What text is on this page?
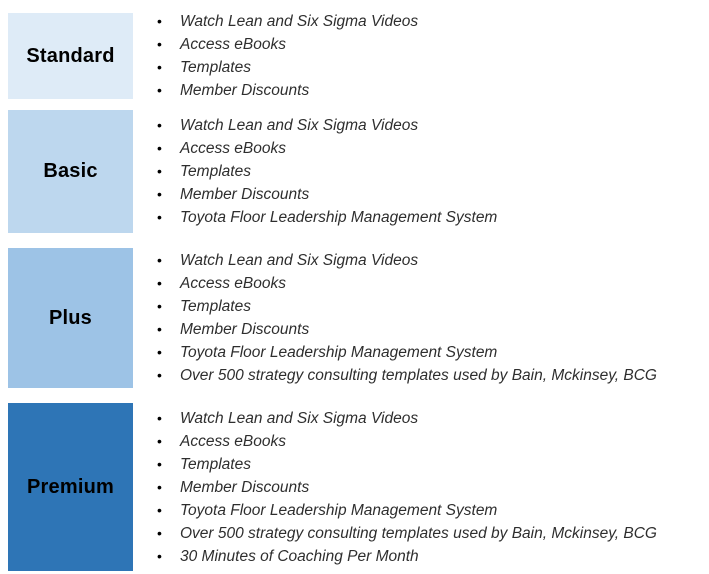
Standard
• Watch Lean and Six Sigma Videos
• Access eBooks
• Templates
• Member Discounts
Basic
• Watch Lean and Six Sigma Videos
• Access eBooks
• Templates
• Member Discounts
• Toyota Floor Leadership Management System
Plus
• Watch Lean and Six Sigma Videos
• Access eBooks
• Templates
• Member Discounts
• Toyota Floor Leadership Management System
• Over 500 strategy consulting templates used by Bain, Mckinsey, BCG
Premium
• Watch Lean and Six Sigma Videos
• Access eBooks
• Templates
• Member Discounts
• Toyota Floor Leadership Management System
• Over 500 strategy consulting templates used by Bain, Mckinsey, BCG
• 30 Minutes of Coaching Per Month
